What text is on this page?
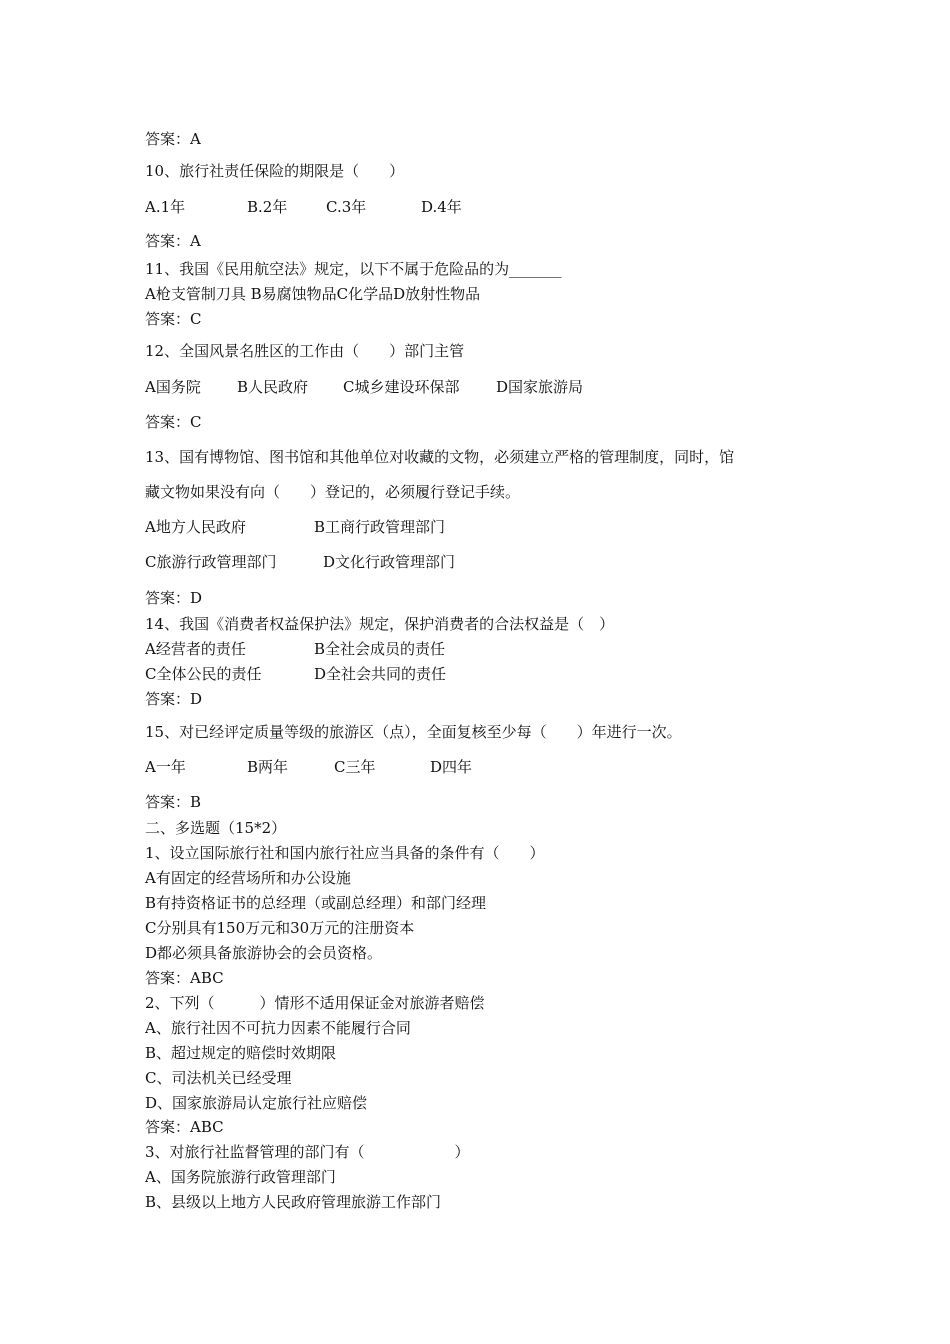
答案：A
10、旅行社责任保险的期限是（　　）
A.1年	B.2年	C.3年	D.4年
答案：A
11、我国《民用航空法》规定，以下不属于危险品的为_______
A枪支管制刀具 B易腐蚀物品C化学品D放射性物品
答案：C
12、全国风景名胜区的工作由（　　）部门主管
A国务院 B人民政府 C城乡建设环保部 D国家旅游局
答案：C
13、国有博物馆、图书馆和其他单位对收藏的文物，必须建立严格的管理制度，同时，馆
藏文物如果没有向（　　）登记的，必须履行登记手续。
A地方人民政府	B工商行政管理部门
C旅游行政管理部门	D文化行政管理部门
答案：D
14、我国《消费者权益保护法》规定，保护消费者的合法权益是（　）
A经营者的责任	B全社会成员的责任
C全体公民的责任	D全社会共同的责任
答案：D
15、对已经评定质量等级的旅游区（点），全面复核至少每（　　）年进行一次。
A一年	B两年	C三年	D四年
答案：B
二、多选题（15*2）
1、设立国际旅行社和国内旅行社应当具备的条件有（　　）
A有固定的经营场所和办公设施
B有持资格证书的总经理（或副总经理）和部门经理
C分别具有150万元和30万元的注册资本
D都必须具备旅游协会的会员资格。
答案：ABC
2、下列（　　　）情形不适用保证金对旅游者赔偿
A、旅行社因不可抗力因素不能履行合同
B、超过规定的赔偿时效期限
C、司法机关已经受理
D、国家旅游局认定旅行社应赔偿
答案：ABC
3、对旅行社监督管理的部门有（　　　　　　）
A、国务院旅游行政管理部门
B、县级以上地方人民政府管理旅游工作部门
